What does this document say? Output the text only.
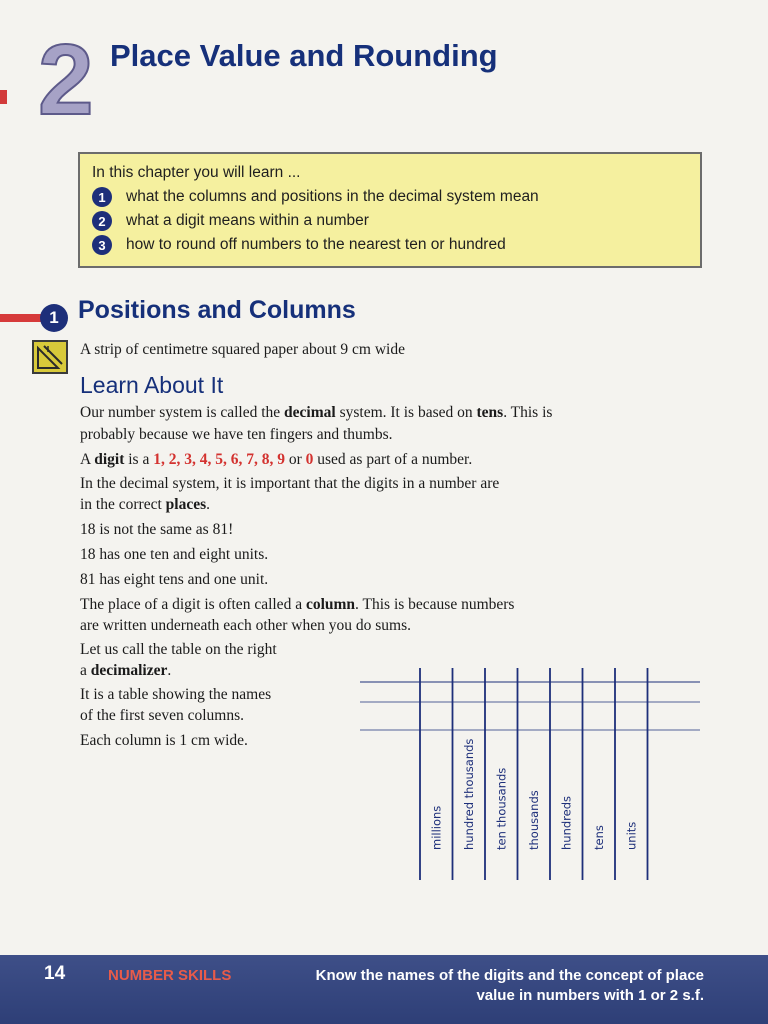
2 Place Value and Rounding
In this chapter you will learn ...
1	what the columns and positions in the decimal system mean
2	what a digit means within a number
3	how to round off numbers to the nearest ten or hundred
1 Positions and Columns
A strip of centimetre squared paper about 9 cm wide
Learn About It
Our number system is called the decimal system. It is based on tens. This is
probably because we have ten fingers and thumbs.
A digit is a 1, 2, 3, 4, 5, 6, 7, 8, 9 or 0 used as part of a number.
In the decimal system, it is important that the digits in a number are
in the correct places.
18 is not the same as 81!
18 has one ten and eight units.
81 has eight tens and one unit.
The place of a digit is often called a column. This is because numbers
are written underneath each other when you do sums.
Let us call the table on the right
a decimalizer.
It is a table showing the names
of the first seven columns.
Each column is 1 cm wide.
millions hundred thousands ten thousands thousands hundreds tens units
14	NUMBER SKILLS	Know the names of the digits and the concept of place
value in numbers with 1 or 2 s.f.
